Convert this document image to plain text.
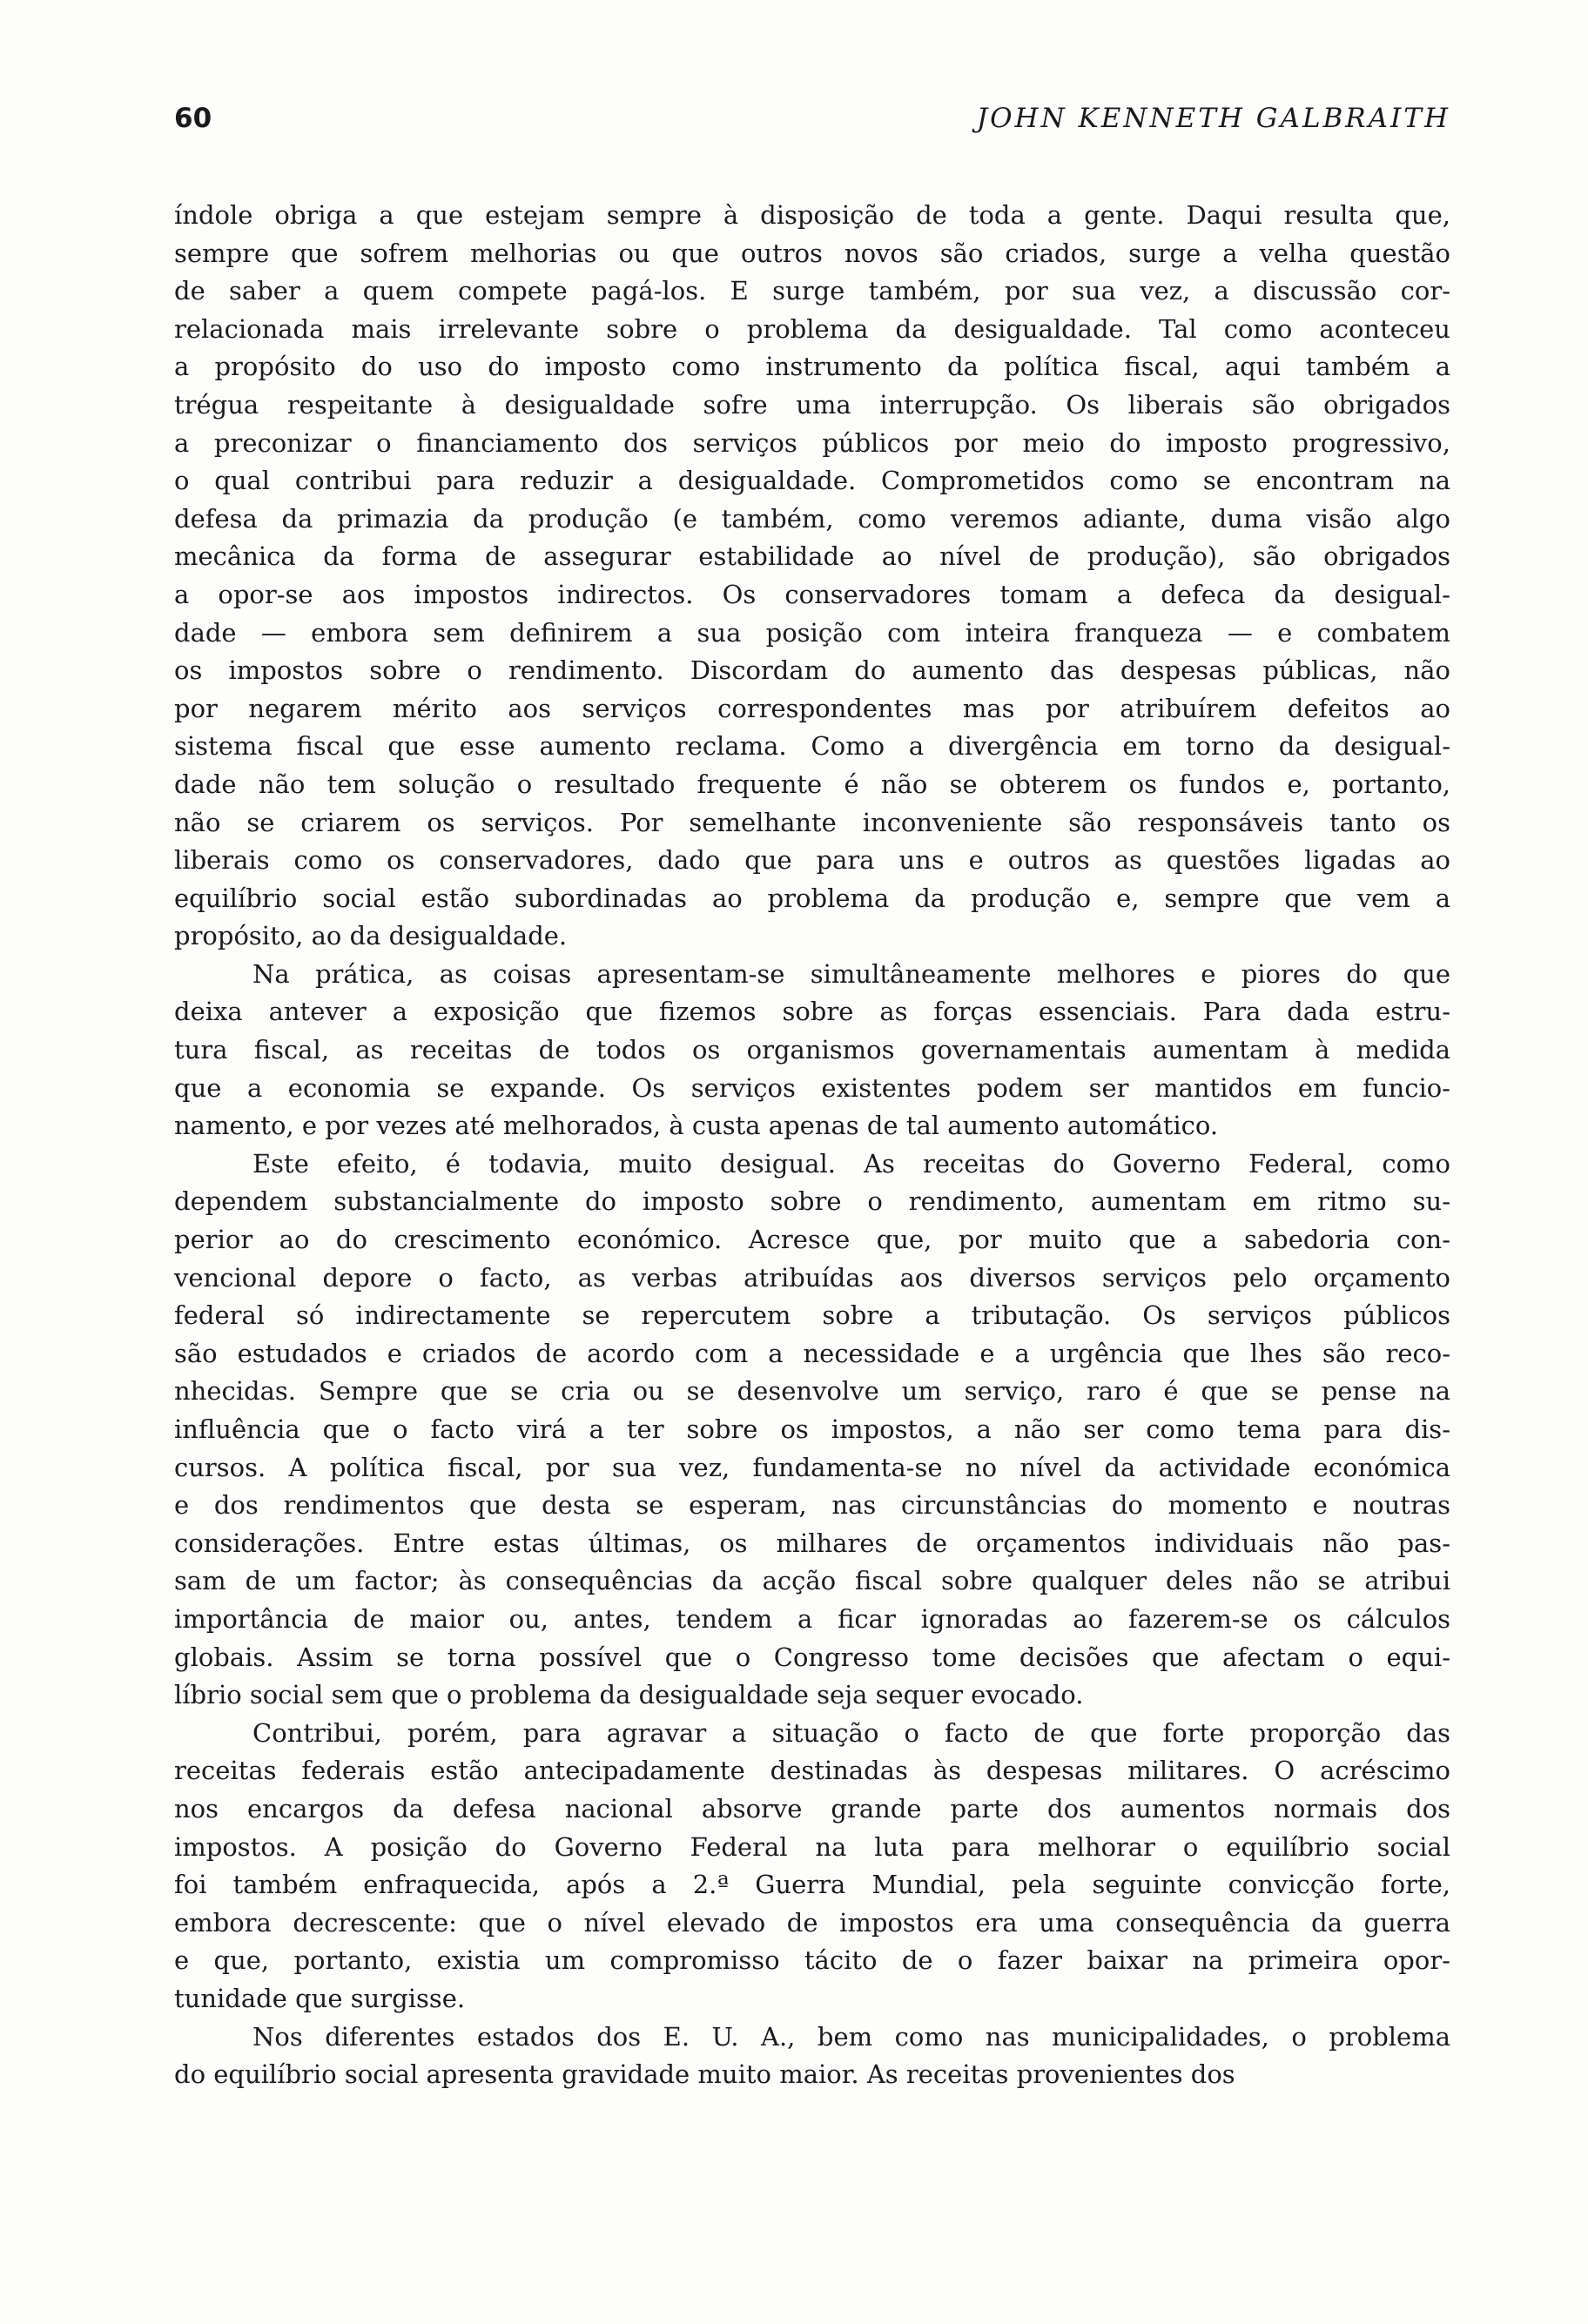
60	JOHN KENNETH GALBRAITH
índole obriga a que estejam sempre à disposição de toda a gente. Daqui resulta que,
sempre que sofrem melhorias ou que outros novos são criados, surge a velha questão
de saber a quem compete pagá-los. E surge também, por sua vez, a discussão cor-
relacionada mais irrelevante sobre o problema da desigualdade. Tal como aconteceu
a propósito do uso do imposto como instrumento da política fiscal, aqui também a
trégua respeitante à desigualdade sofre uma interrupção. Os liberais são obrigados
a preconizar o financiamento dos serviços públicos por meio do imposto progressivo,
o qual contribui para reduzir a desigualdade. Comprometidos como se encontram na
defesa da primazia da produção (e também, como veremos adiante, duma visão algo
mecânica da forma de assegurar estabilidade ao nível de produção), são obrigados
a opor-se aos impostos indirectos. Os conservadores tomam a defeca da desigual-
dade — embora sem definirem a sua posição com inteira franqueza — e combatem
os impostos sobre o rendimento. Discordam do aumento das despesas públicas, não
por negarem mérito aos serviços correspondentes mas por atribuírem defeitos ao
sistema fiscal que esse aumento reclama. Como a divergência em torno da desigual-
dade não tem solução o resultado frequente é não se obterem os fundos e, portanto,
não se criarem os serviços. Por semelhante inconveniente são responsáveis tanto os
liberais como os conservadores, dado que para uns e outros as questões ligadas ao
equilíbrio social estão subordinadas ao problema da produção e, sempre que vem a
propósito, ao da desigualdade.
Na prática, as coisas apresentam-se simultâneamente melhores e piores do que
deixa antever a exposição que fizemos sobre as forças essenciais. Para dada estru-
tura fiscal, as receitas de todos os organismos governamentais aumentam à medida
que a economia se expande. Os serviços existentes podem ser mantidos em funcio-
namento, e por vezes até melhorados, à custa apenas de tal aumento automático.
Este efeito, é todavia, muito desigual. As receitas do Governo Federal, como
dependem substancialmente do imposto sobre o rendimento, aumentam em ritmo su-
perior ao do crescimento económico. Acresce que, por muito que a sabedoria con-
vencional depore o facto, as verbas atribuídas aos diversos serviços pelo orçamento
federal só indirectamente se repercutem sobre a tributação. Os serviços públicos
são estudados e criados de acordo com a necessidade e a urgência que lhes são reco-
nhecidas. Sempre que se cria ou se desenvolve um serviço, raro é que se pense na
influência que o facto virá a ter sobre os impostos, a não ser como tema para dis-
cursos. A política fiscal, por sua vez, fundamenta-se no nível da actividade económica
e dos rendimentos que desta se esperam, nas circunstâncias do momento e noutras
considerações. Entre estas últimas, os milhares de orçamentos individuais não pas-
sam de um factor; às consequências da acção fiscal sobre qualquer deles não se atribui
importância de maior ou, antes, tendem a ficar ignoradas ao fazerem-se os cálculos
globais. Assim se torna possível que o Congresso tome decisões que afectam o equi-
líbrio social sem que o problema da desigualdade seja sequer evocado.
Contribui, porém, para agravar a situação o facto de que forte proporção das
receitas federais estão antecipadamente destinadas às despesas militares. O acréscimo
nos encargos da defesa nacional absorve grande parte dos aumentos normais dos
impostos. A posição do Governo Federal na luta para melhorar o equilíbrio social
foi também enfraquecida, após a 2.ª Guerra Mundial, pela seguinte convicção forte,
embora decrescente: que o nível elevado de impostos era uma consequência da guerra
e que, portanto, existia um compromisso tácito de o fazer baixar na primeira opor-
tunidade que surgisse.
Nos diferentes estados dos E. U. A., bem como nas municipalidades, o problema
do equilíbrio social apresenta gravidade muito maior. As receitas provenientes dos
